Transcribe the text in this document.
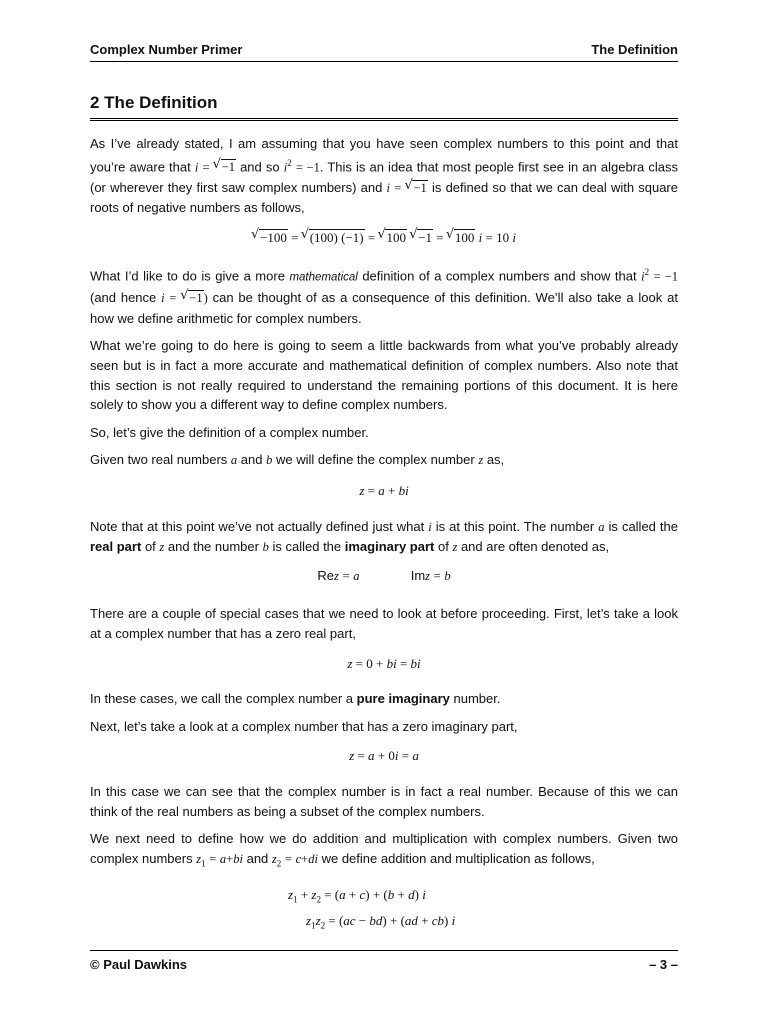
Complex Number Primer	The Definition
2 The Definition

As I’ve already stated, I am assuming that you have seen complex numbers to this point and that you’re aware that i = √ −1 and so $i^2 = -1$. This is an idea that most people first see in an algebra class (or wherever they first saw complex numbers) and i = √ −1 is defined so that we can deal with square roots of negative numbers as follows,

√ −100 = √ (100) (−1) = √ 100 √ −1 = √ 100 i = 10 i

What I’d like to do is give a more mathematical definition of a complex numbers and show that $i^2 = -1$ (and hence i = √ −1) can be thought of as a consequence of this definition. We’ll also take a look at how we define arithmetic for complex numbers.

What we’re going to do here is going to seem a little backwards from what you’ve probably already seen but is in fact a more accurate and mathematical definition of complex numbers. Also note that this section is not really required to understand the remaining portions of this document. It is here solely to show you a different way to define complex numbers.

So, let’s give the definition of a complex number.

Given two real numbers a and b we will define the complex number z as,

z = a + bi

Note that at this point we’ve not actually defined just what i is at this point. The number a is called the real part of z and the number b is called the imaginary part of z and are often denoted as,

Rez = a	Imz = b

There are a couple of special cases that we need to look at before proceeding. First, let’s take a look at a complex number that has a zero real part,

z = 0 + bi = bi

In these cases, we call the complex number a pure imaginary number.

Next, let’s take a look at a complex number that has a zero imaginary part,

z = a + 0i = a

In this case we can see that the complex number is in fact a real number. Because of this we can think of the real numbers as being a subset of the complex numbers.

We next need to define how we do addition and multiplication with complex numbers. Given two complex numbers $z_1 = a+bi$ and $z_2 = c+di$ we define addition and multiplication as follows,

$z_1 + z_2 = (a + c) + (b + d)$ i
$z_1z_2 = (ac - bd) + (ad + cb)$ i
© Paul Dawkins	– 3 –
